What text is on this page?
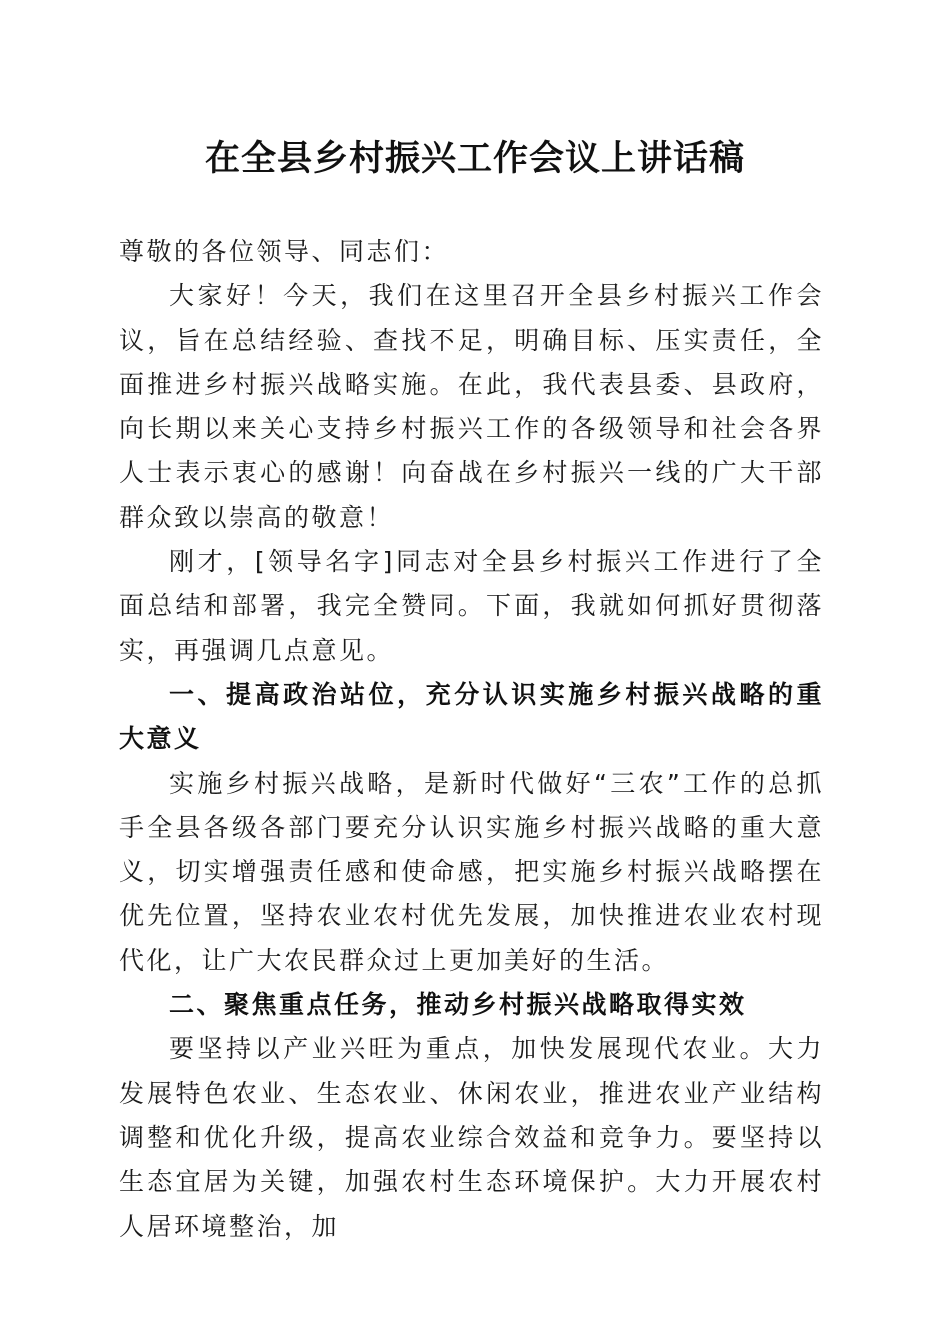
在全县乡村振兴工作会议上讲话稿

尊敬的各位领导、同志们：

大家好！今天，我们在这里召开全县乡村振兴工作会议，旨在总结经验、查找不足，明确目标、压实责任，全面推进乡村振兴战略实施。在此，我代表县委、县政府，向长期以来关心支持乡村振兴工作的各级领导和社会各界人士表示衷心的感谢！向奋战在乡村振兴一线的广大干部群众致以崇高的敬意！

刚才，[领导名字]同志对全县乡村振兴工作进行了全面总结和部署，我完全赞同。下面，我就如何抓好贯彻落实，再强调几点意见。

一、提高政治站位，充分认识实施乡村振兴战略的重大意义

实施乡村振兴战略，是新时代做好“三农”工作的总抓手全县各级各部门要充分认识实施乡村振兴战略的重大意义，切实增强责任感和使命感，把实施乡村振兴战略摆在优先位置，坚持农业农村优先发展，加快推进农业农村现代化，让广大农民群众过上更加美好的生活。

二、聚焦重点任务，推动乡村振兴战略取得实效

要坚持以产业兴旺为重点，加快发展现代农业。大力发展特色农业、生态农业、休闲农业，推进农业产业结构调整和优化升级，提高农业综合效益和竞争力。要坚持以生态宜居为关键，加强农村生态环境保护。大力开展农村人居环境整治，加
